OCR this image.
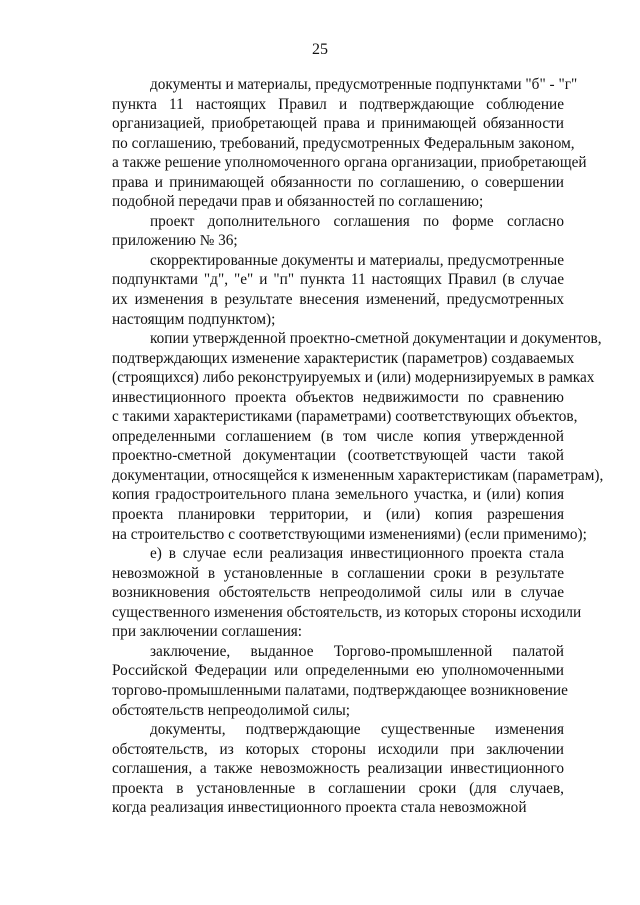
25
документы и материалы, предусмотренные подпунктами "б" - "г"
пункта 11 настоящих Правил и подтверждающие соблюдение
организацией, приобретающей права и принимающей обязанности
по соглашению, требований, предусмотренных Федеральным законом,
а также решение уполномоченного органа организации, приобретающей
права и принимающей обязанности по соглашению, о совершении
подобной передачи прав и обязанностей по соглашению;
проект дополнительного соглашения по форме согласно
приложению № 36;
скорректированные документы и материалы, предусмотренные
подпунктами "д", "е" и "п" пункта 11 настоящих Правил (в случае
их изменения в результате внесения изменений, предусмотренных
настоящим подпунктом);
копии утвержденной проектно-сметной документации и документов,
подтверждающих изменение характеристик (параметров) создаваемых
(строящихся) либо реконструируемых и (или) модернизируемых в рамках
инвестиционного проекта объектов недвижимости по сравнению
с такими характеристиками (параметрами) соответствующих объектов,
определенными соглашением (в том числе копия утвержденной
проектно-сметной документации (соответствующей части такой
документации, относящейся к измененным характеристикам (параметрам),
копия градостроительного плана земельного участка, и (или) копия
проекта планировки территории, и (или) копия разрешения
на строительство с соответствующими изменениями) (если применимо);
е) в случае если реализация инвестиционного проекта стала
невозможной в установленные в соглашении сроки в результате
возникновения обстоятельств непреодолимой силы или в случае
существенного изменения обстоятельств, из которых стороны исходили
при заключении соглашения:
заключение, выданное Торгово-промышленной палатой
Российской Федерации или определенными ею уполномоченными
торгово-промышленными палатами, подтверждающее возникновение
обстоятельств непреодолимой силы;
документы, подтверждающие существенные изменения
обстоятельств, из которых стороны исходили при заключении
соглашения, а также невозможность реализации инвестиционного
проекта в установленные в соглашении сроки (для случаев,
когда реализация инвестиционного проекта стала невозможной
